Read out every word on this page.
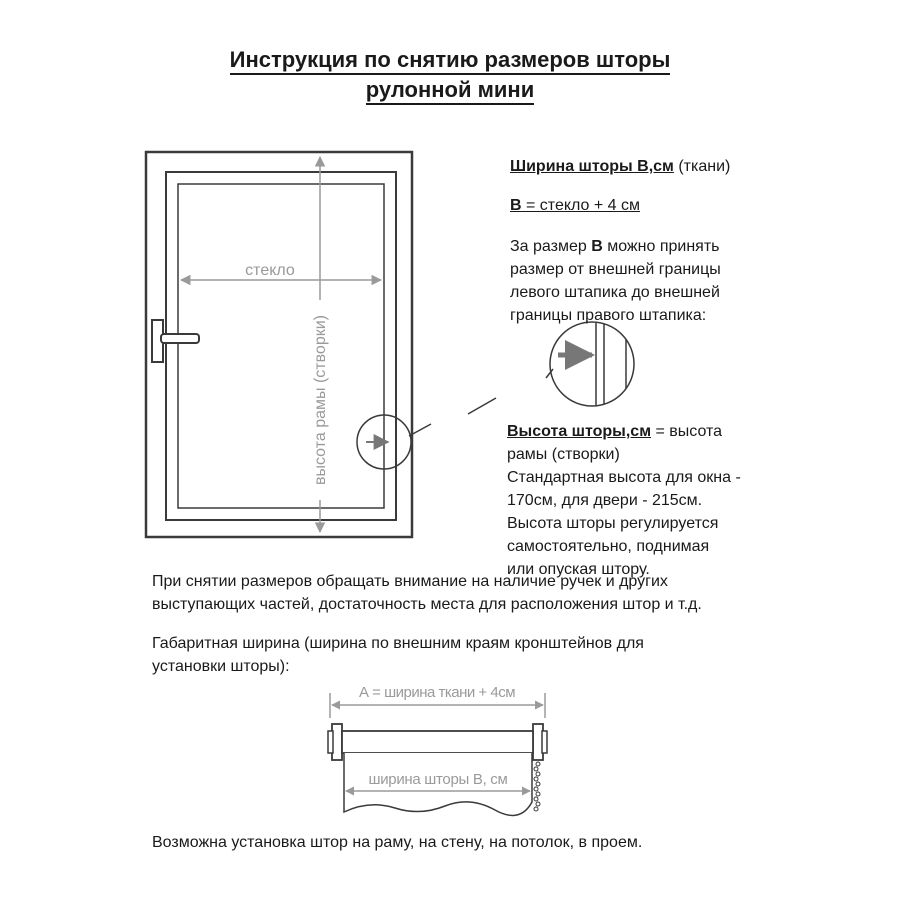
Инструкция по снятию размеров шторы
рулонной мини
стекло
высота рамы (створки)
Ширина шторы В,см (ткани)
В = стекло + 4 см
За размер В можно принять
размер от внешней границы
левого штапика до внешней
границы правого штапика:
Высота шторы,см = высота
рамы (створки)
Стандартная высота для окна -
170см, для двери - 215см.
Высота шторы регулируется
самостоятельно, поднимая
или опуская штору.
При снятии размеров обращать внимание на наличие ручек и других
выступающих частей, достаточность места для расположения штор и т.д.
Габаритная ширина (ширина по внешним краям кронштейнов для
установки шторы):
А = ширина ткани + 4см
ширина шторы В, см
Возможна установка штор на раму, на стену, на потолок, в проем.
